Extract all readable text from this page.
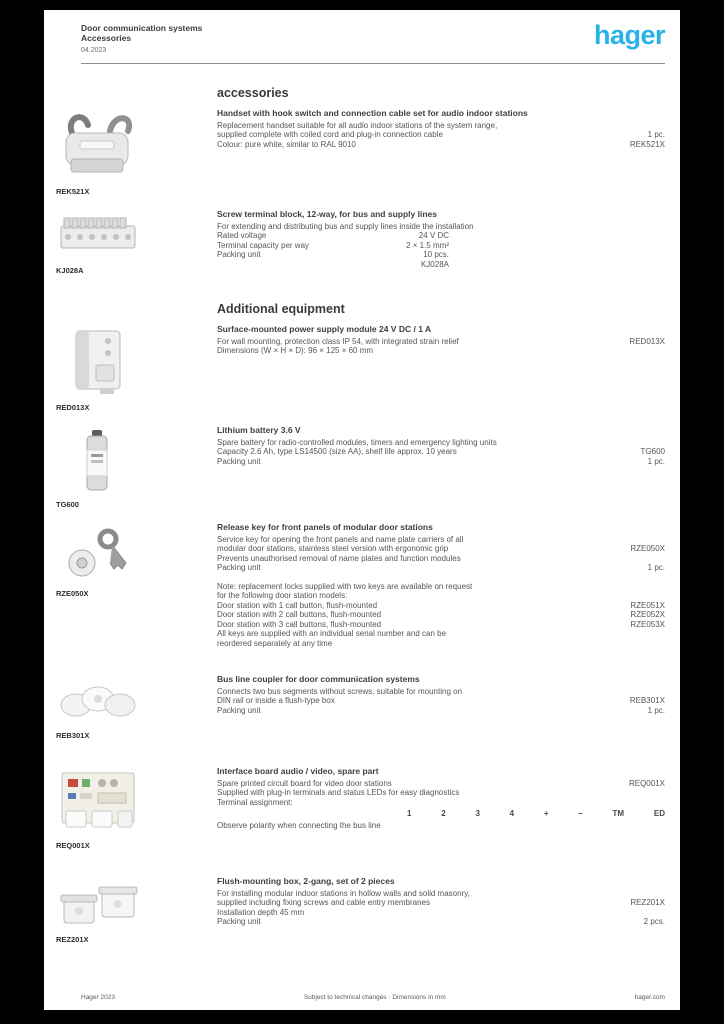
Door communication systems
Accessories
04.2023
hager
accessories
REK521X
Handset with hook switch and connection cable set for audio indoor stations
Replacement handset suitable for all audio indoor stations of the system range,
supplied complete with coiled cord and plug-in connection cable	1 pc.
Colour: pure white, similar to RAL 9010	REK521X
KJ028A
Screw terminal block, 12-way, for bus and supply lines
For extending and distributing bus and supply lines inside the installation
Rated voltage	24 V DC
Terminal capacity per way	2 × 1.5 mm²
Packing unit	10 pcs.
KJ028A
Additional equipment
RED013X
Surface-mounted power supply module 24 V DC / 1 A
For wall mounting, protection class IP 54, with integrated strain relief	RED013X
Dimensions (W × H × D): 96 × 125 × 60 mm
TG600
Lithium battery 3.6 V
Spare battery for radio-controlled modules, timers and emergency lighting units
Capacity 2.6 Ah, type LS14500 (size AA), shelf life approx. 10 years	TG600
Packing unit	1 pc.
RZE050X
Release key for front panels of modular door stations
Service key for opening the front panels and name plate carriers of all
modular door stations, stainless steel version with ergonomic grip	RZE050X
Prevents unauthorised removal of name plates and function modules
Packing unit	1 pc.
Note: replacement locks supplied with two keys are available on request
for the following door station models:
Door station with 1 call button, flush-mounted	RZE051X
Door station with 2 call buttons, flush-mounted	RZE052X
Door station with 3 call buttons, flush-mounted	RZE053X
All keys are supplied with an individual serial number and can be
reordered separately at any time
REB301X
Bus line coupler for door communication systems
Connects two bus segments without screws, suitable for mounting on
DIN rail or inside a flush-type box	REB301X
Packing unit	1 pc.
REQ001X
Interface board audio / video, spare part
Spare printed circuit board for video door stations	REQ001X
Supplied with plug-in terminals and status LEDs for easy diagnostics
Terminal assignment:
1	2	3	4	+	–	TM	ED
Observe polarity when connecting the bus line
REZ201X
Flush-mounting box, 2-gang, set of 2 pieces
For installing modular indoor stations in hollow walls and solid masonry,
supplied including fixing screws and cable entry membranes	REZ201X
Installation depth 45 mm
Packing unit	2 pcs.
Hager 2023	Subject to technical changes · Dimensions in mm	hager.com
